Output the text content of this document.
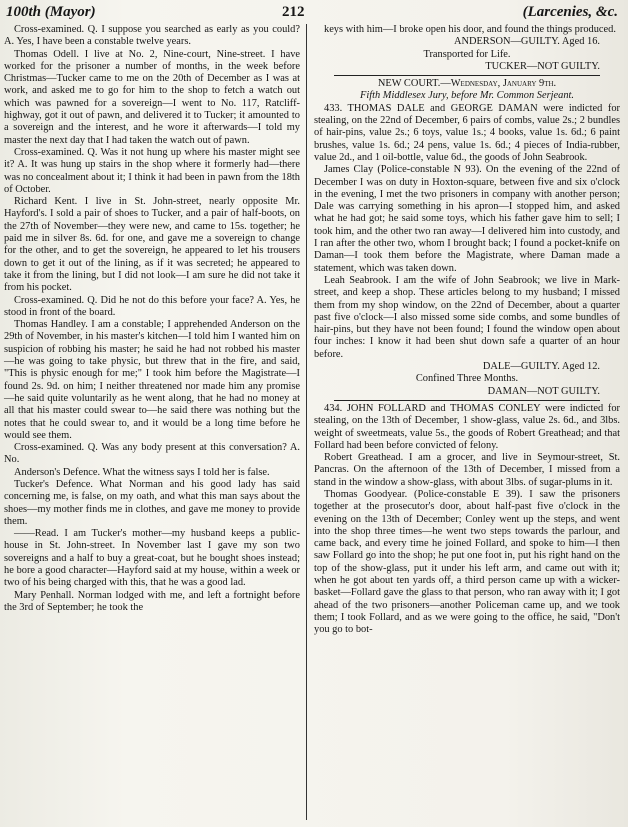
100th (Mayor)	212	(Larcenies, &c.

Cross-examined. Q. I suppose you searched as early as you could? A. Yes, I have been a constable twelve years.

Thomas Odell. I live at No. 2, Nine-court, Nine-street. I have worked for the prisoner a number of months, in the week before Christmas—Tucker came to me on the 20th of December as I was at work, and asked me to go for him to the shop to fetch a watch out which was pawned for a sovereign—I went to No. 117, Ratcliff-highway, got it out of pawn, and delivered it to Tucker; it amounted to a sovereign and the interest, and he wore it afterwards—I told my master the next day that I had taken the watch out of pawn.

Cross-examined. Q. Was it not hung up where his master might see it? A. It was hung up stairs in the shop where it formerly had—there was no concealment about it; I think it had been in pawn from the 18th of October.

Richard Kent. I live in St. John-street, nearly opposite Mr. Hayford's. I sold a pair of shoes to Tucker, and a pair of half-boots, on the 27th of November—they were new, and came to 15s. together; he paid me in silver 8s. 6d. for one, and gave me a sovereign to change for the other, and to get the sovereign, he appeared to let his trousers down to get it out of the lining, as if it was secreted; he appeared to take it from the lining, but I did not look—I am sure he did not take it from his pocket.

Cross-examined. Q. Did he not do this before your face? A. Yes, he stood in front of the board.

Thomas Handley. I am a constable; I apprehended Anderson on the 29th of November, in his master's kitchen—I told him I wanted him on suspicion of robbing his master; he said he had not robbed his master—he was going to take physic, but threw that in the fire, and said, "This is physic enough for me;" I took him before the Magistrate—I found 2s. 9d. on him; I neither threatened nor made him any promise—he said quite voluntarily as he went along, that he had no money at all that his master could swear to—he said there was nothing but the notes that he could swear to, and it would be a long time before he would see them.

Cross-examined. Q. Was any body present at this conversation? A. No.

Anderson's Defence. What the witness says I told her is false.

Tucker's Defence. What Norman and his good lady has said concerning me, is false, on my oath, and what this man says about the shoes—my mother finds me in clothes, and gave me money to provide them.

——Read. I am Tucker's mother—my husband keeps a public-house in St. John-street. In November last I gave my son two sovereigns and a half to buy a great-coat, but he bought shoes instead; he bore a good character—Hayford said at my house, within a week or two of his being charged with this, that he was a good lad.

Mary Penhall. Norman lodged with me, and left a fortnight before the 3rd of September; he took the

keys with him—I broke open his door, and found the things produced.

ANDERSON—GUILTY. Aged 16.

Transported for Life.

TUCKER—NOT GUILTY.

NEW COURT.—Wednesday, January 9th.

Fifth Middlesex Jury, before Mr. Common Serjeant.

433. THOMAS DALE and GEORGE DAMAN were indicted for stealing, on the 22nd of December, 6 pairs of combs, value 2s.; 2 bundles of hair-pins, value 2s.; 6 toys, value 1s.; 4 books, value 1s. 6d.; 6 paint brushes, value 1s. 6d.; 24 pens, value 1s. 6d.; 4 pieces of India-rubber, value 2d., and 1 oil-bottle, value 6d., the goods of John Seabrook.

James Clay (Police-constable N 93). On the evening of the 22nd of December I was on duty in Hoxton-square, between five and six o'clock in the evening, I met the two prisoners in company with another person; Dale was carrying something in his apron—I stopped him, and asked what he had got; he said some toys, which his father gave him to sell; I took him, and the other two ran away—I delivered him into custody, and I ran after the other two, whom I brought back; I found a pocket-knife on Daman—I took them before the Magistrate, where Daman made a statement, which was taken down.

Leah Seabrook. I am the wife of John Seabrook; we live in Mark-street, and keep a shop. These articles belong to my husband; I missed them from my shop window, on the 22nd of December, about a quarter past five o'clock—I also missed some side combs, and some bundles of hair-pins, but they have not been found; I found the window open about four inches: I know it had been shut down safe a quarter of an hour before.

DALE—GUILTY. Aged 12.

Confined Three Months.

DAMAN—NOT GUILTY.

434. JOHN FOLLARD and THOMAS CONLEY were indicted for stealing, on the 13th of December, 1 show-glass, value 2s. 6d., and 3lbs. weight of sweetmeats, value 5s., the goods of Robert Greathead; and that Follard had been before convicted of felony.

Robert Greathead. I am a grocer, and live in Seymour-street, St. Pancras. On the afternoon of the 13th of December, I missed from a stand in the window a show-glass, with about 3lbs. of sugar-plums in it.

Thomas Goodyear. (Police-constable E 39). I saw the prisoners together at the prosecutor's door, about half-past five o'clock in the evening on the 13th of December; Conley went up the steps, and went into the shop three times—he went two steps towards the parlour, and came back, and every time he joined Follard, and spoke to him—I then saw Follard go into the shop; he put one foot in, put his right hand on the top of the show-glass, put it under his left arm, and came out with it; when he got about ten yards off, a third person came up with a wicker-basket—Follard gave the glass to that person, who ran away with it; I got ahead of the two prisoners—another Policeman came up, and we took them; I took Follard, and as we were going to the office, he said, "Don't you go to bot-
